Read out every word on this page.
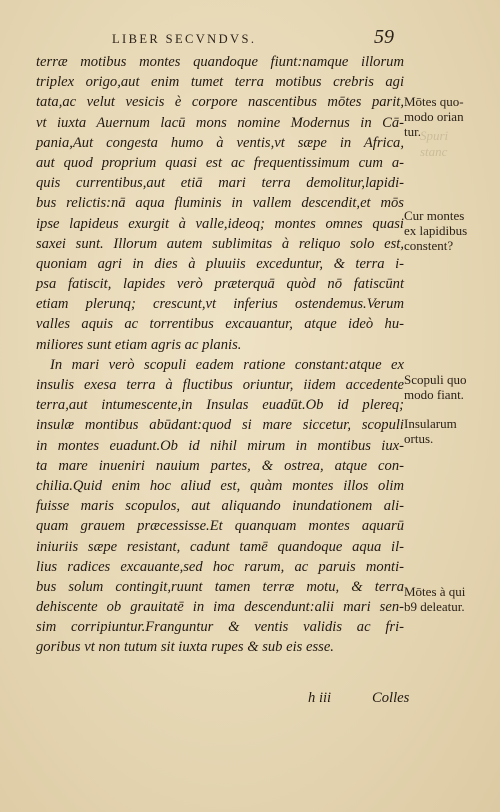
LIBER SECVNDVS.	59
terræ motibus montes quandoque fiunt:namque illorum
triplex origo,aut enim tumet terra motibus crebris agi
tata,ac velut vesicis è corpore nascentibus mōtes parit,
vt iuxta Auernum lacū mons nomine Modernus in Cā-
pania,Aut congesta humo à ventis,vt sæpe in Africa,
aut quod proprium quasi est ac frequentissimum cum a-
quis currentibus,aut etiā mari terra demolitur,lapidi-
bus relictis:nā aqua fluminis in vallem descendit,et mōs
ipse lapideus exurgit à valle,ideoq; montes omnes quasi
saxei sunt. Illorum autem sublimitas à reliquo solo est,
quoniam agri in dies à pluuiis exceduntur, & terra i-
psa fatiscit, lapides verò præterquā quòd nō fatiscūnt
etiam plerunq; crescunt,vt inferius ostendemus.Verum
valles aquis ac torrentibus excauantur, atque ideò hu-
miliores sunt etiam agris ac planis.
In mari verò scopuli eadem ratione constant:atque ex
insulis exesa terra à fluctibus oriuntur, iidem accedente
terra,aut intumescente,in Insulas euadūt.Ob id plereq;
insulæ montibus abūdant:quod si mare siccetur, scopuli
in montes euadunt.Ob id nihil mirum in montibus iux-
ta mare inueniri nauium partes, & ostrea, atque con-
chilia.Quid enim hoc aliud est, quàm montes illos olim
fuisse maris scopulos, aut aliquando inundationem ali-
quam grauem præcessisse.Et quanquam montes aquarū
iniuriis sæpe resistant, cadunt tamē quandoque aqua il-
lius radices excauante,sed hoc rarum, ac paruis monti-
bus solum contingit,ruunt tamen terræ motu, & terra
dehiscente ob grauitatē in ima descendunt:alii mari sen-
sim corripiuntur.Franguntur & ventis validis ac fri-
goribus vt non tutum sit iuxta rupes & sub eis esse.
Spuri
stanc
Mōtes quo-
modo orian
tur.
Cur montes
ex lapidibus
constent?
Scopuli quo
modo fiant.
Insularum
ortus.
Mōtes à qui
b9 deleatur.
h iii	Colles
